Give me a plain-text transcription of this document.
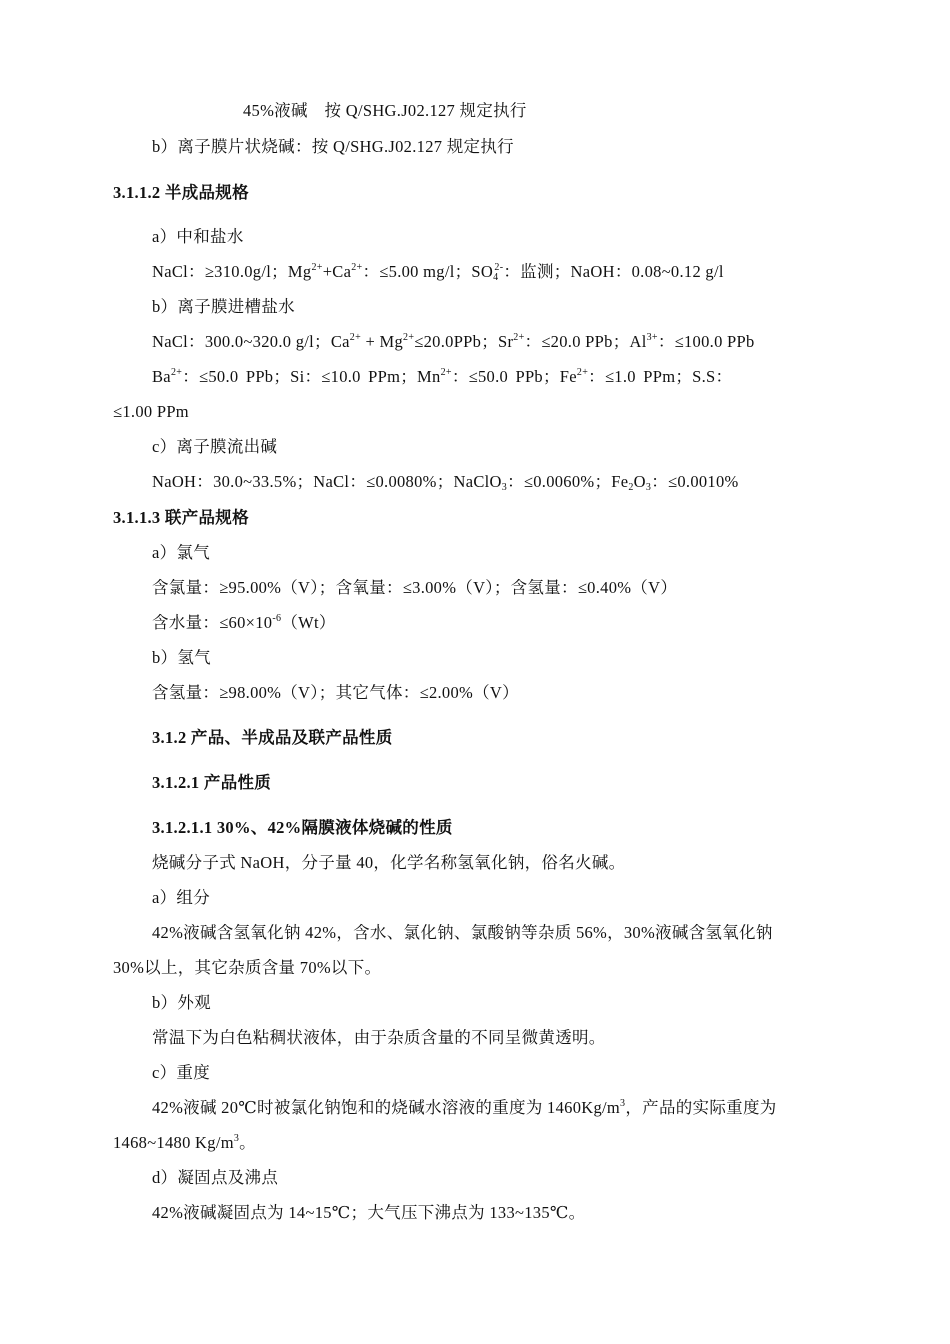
45%液碱　按 Q/SHG.J02.127 规定执行
b）离子膜片状烧碱：按 Q/SHG.J02.127 规定执行
3.1.1.2 半成品规格
a）中和盐水
NaCl：≥310.0g/l；$Mg^{2+}+Ca^{2+}$：≤5.00 mg/l；$SO_4^{2-}$：监测；NaOH：0.08~0.12 g/l
b）离子膜进槽盐水
NaCl：300.0~320.0 g/l；$Ca^{2+} + Mg^{2+}\le 20.0PPb$；$Sr^{2+}$：≤20.0 PPb；$Al^{3+}$：≤100.0 PPb
$Ba^{2+}$：≤50.0 PPb；Si：≤10.0 PPm；$Mn^{2+}$：≤50.0 PPb；$Fe^{2+}$：≤1.0 PPm；S.S：
≤1.00 PPm
c）离子膜流出碱
NaOH：30.0~33.5%；NaCl：≤0.0080%；NaClO$_3$：≤0.0060%；$Fe_2O_3$：≤0.0010%
3.1.1.3 联产品规格
a）氯气
含氯量：≥95.00%（V）；含氧量：≤3.00%（V）；含氢量：≤0.40%（V）
含水量：$\le 60\times 10^{-6}(Wt)$
b）氢气
含氢量：≥98.00%（V）；其它气体：≤2.00%（V）
3.1.2 产品、半成品及联产品性质
3.1.2.1 产品性质
3.1.2.1.1 30%、42%隔膜液体烧碱的性质
烧碱分子式 NaOH，分子量 40，化学名称氢氧化钠，俗名火碱。
a）组分
42%液碱含氢氧化钠 42%，含水、氯化钠、氯酸钠等杂质 56%，30%液碱含氢氧化钠
30%以上，其它杂质含量 70%以下。
b）外观
常温下为白色粘稠状液体，由于杂质含量的不同呈微黄透明。
c）重度
42%液碱 20℃时被氯化钠饱和的烧碱水溶液的重度为 $1460Kg/m^3$，产品的实际重度为
1468~1480 $Kg/m^3$。
d）凝固点及沸点
42%液碱凝固点为 14~15℃；大气压下沸点为 133~135℃。
